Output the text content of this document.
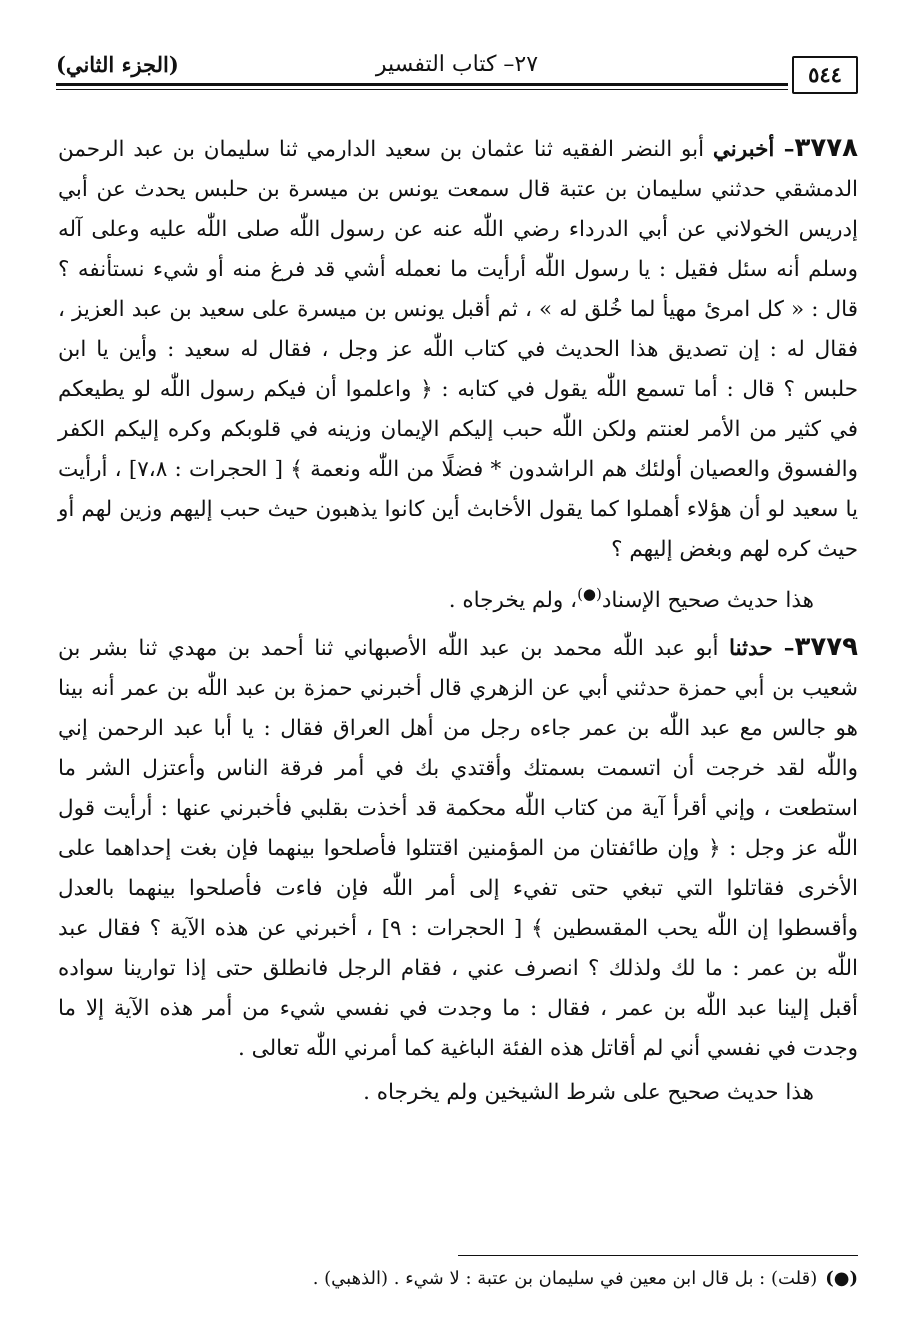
٥٤٤
٢٧– كتاب التفسير
(الجزء الثاني)

٣٧٧٨– أخبرني أبو النضر الفقيه ثنا عثمان بن سعيد الدارمي ثنا سليمان بن عبد الرحمن الدمشقي حدثني سليمان بن عتبة قال سمعت يونس بن ميسرة بن حلبس يحدث عن أبي إدريس الخولاني عن أبي الدرداء رضي اللّٰه عنه عن رسول اللّٰه صلى اللّٰه عليه وعلى آله وسلم أنه سئل فقيل : يا رسول اللّٰه أرأيت ما نعمله أشي قد فرغ منه أو شيء نستأنفه ؟ قال : « كل امرئ مهيأ لما خُلق له » ، ثم أقبل يونس بن ميسرة على سعيد بن عبد العزيز ، فقال له : إن تصديق هذا الحديث في كتاب اللّٰه عز وجل ، فقال له سعيد : وأين يا ابن حلبس ؟ قال : أما تسمع اللّٰه يقول في كتابه : ﴿ واعلموا أن فيكم رسول اللّٰه لو يطيعكم في كثير من الأمر لعنتم ولكن اللّٰه حبب إليكم الإيمان وزينه في قلوبكم وكره إليكم الكفر والفسوق والعصيان أولئك هم الراشدون * فضلًا من اللّٰه ونعمة ﴾ [ الحجرات : ٧،٨] ، أرأيت يا سعيد لو أن هؤلاء أهملوا كما يقول الأخابث أين كانوا يذهبون حيث حبب إليهم وزين لهم أو حيث كره لهم وبغض إليهم ؟

هذا حديث صحيح الإسناد(●)، ولم يخرجاه .

٣٧٧٩– حدثنا أبو عبد اللّٰه محمد بن عبد اللّٰه الأصبهاني ثنا أحمد بن مهدي ثنا بشر بن شعيب بن أبي حمزة حدثني أبي عن الزهري قال أخبرني حمزة بن عبد اللّٰه بن عمر أنه بينا هو جالس مع عبد اللّٰه بن عمر جاءه رجل من أهل العراق فقال : يا أبا عبد الرحمن إني واللّٰه لقد خرجت أن اتسمت بسمتك وأقتدي بك في أمر فرقة الناس وأعتزل الشر ما استطعت ، وإني أقرأ آية من كتاب اللّٰه محكمة قد أخذت بقلبي فأخبرني عنها : أرأيت قول اللّٰه عز وجل : ﴿ وإن طائفتان من المؤمنين اقتتلوا فأصلحوا بينهما فإن بغت إحداهما على الأخرى فقاتلوا التي تبغي حتى تفيء إلى أمر اللّٰه فإن فاءت فأصلحوا بينهما بالعدل وأقسطوا إن اللّٰه يحب المقسطين ﴾ [ الحجرات : ٩] ، أخبرني عن هذه الآية ؟ فقال عبد اللّٰه بن عمر : ما لك ولذلك ؟ انصرف عني ، فقام الرجل فانطلق حتى إذا توارينا سواده أقبل إلينا عبد اللّٰه بن عمر ، فقال : ما وجدت في نفسي شيء من أمر هذه الآية إلا ما وجدت في نفسي أني لم أقاتل هذه الفئة الباغية كما أمرني اللّٰه تعالى .

هذا حديث صحيح على شرط الشيخين ولم يخرجاه .

(●)(قلت) : بل قال ابن معين في سليمان بن عتبة : لا شيء . (الذهبي) .
